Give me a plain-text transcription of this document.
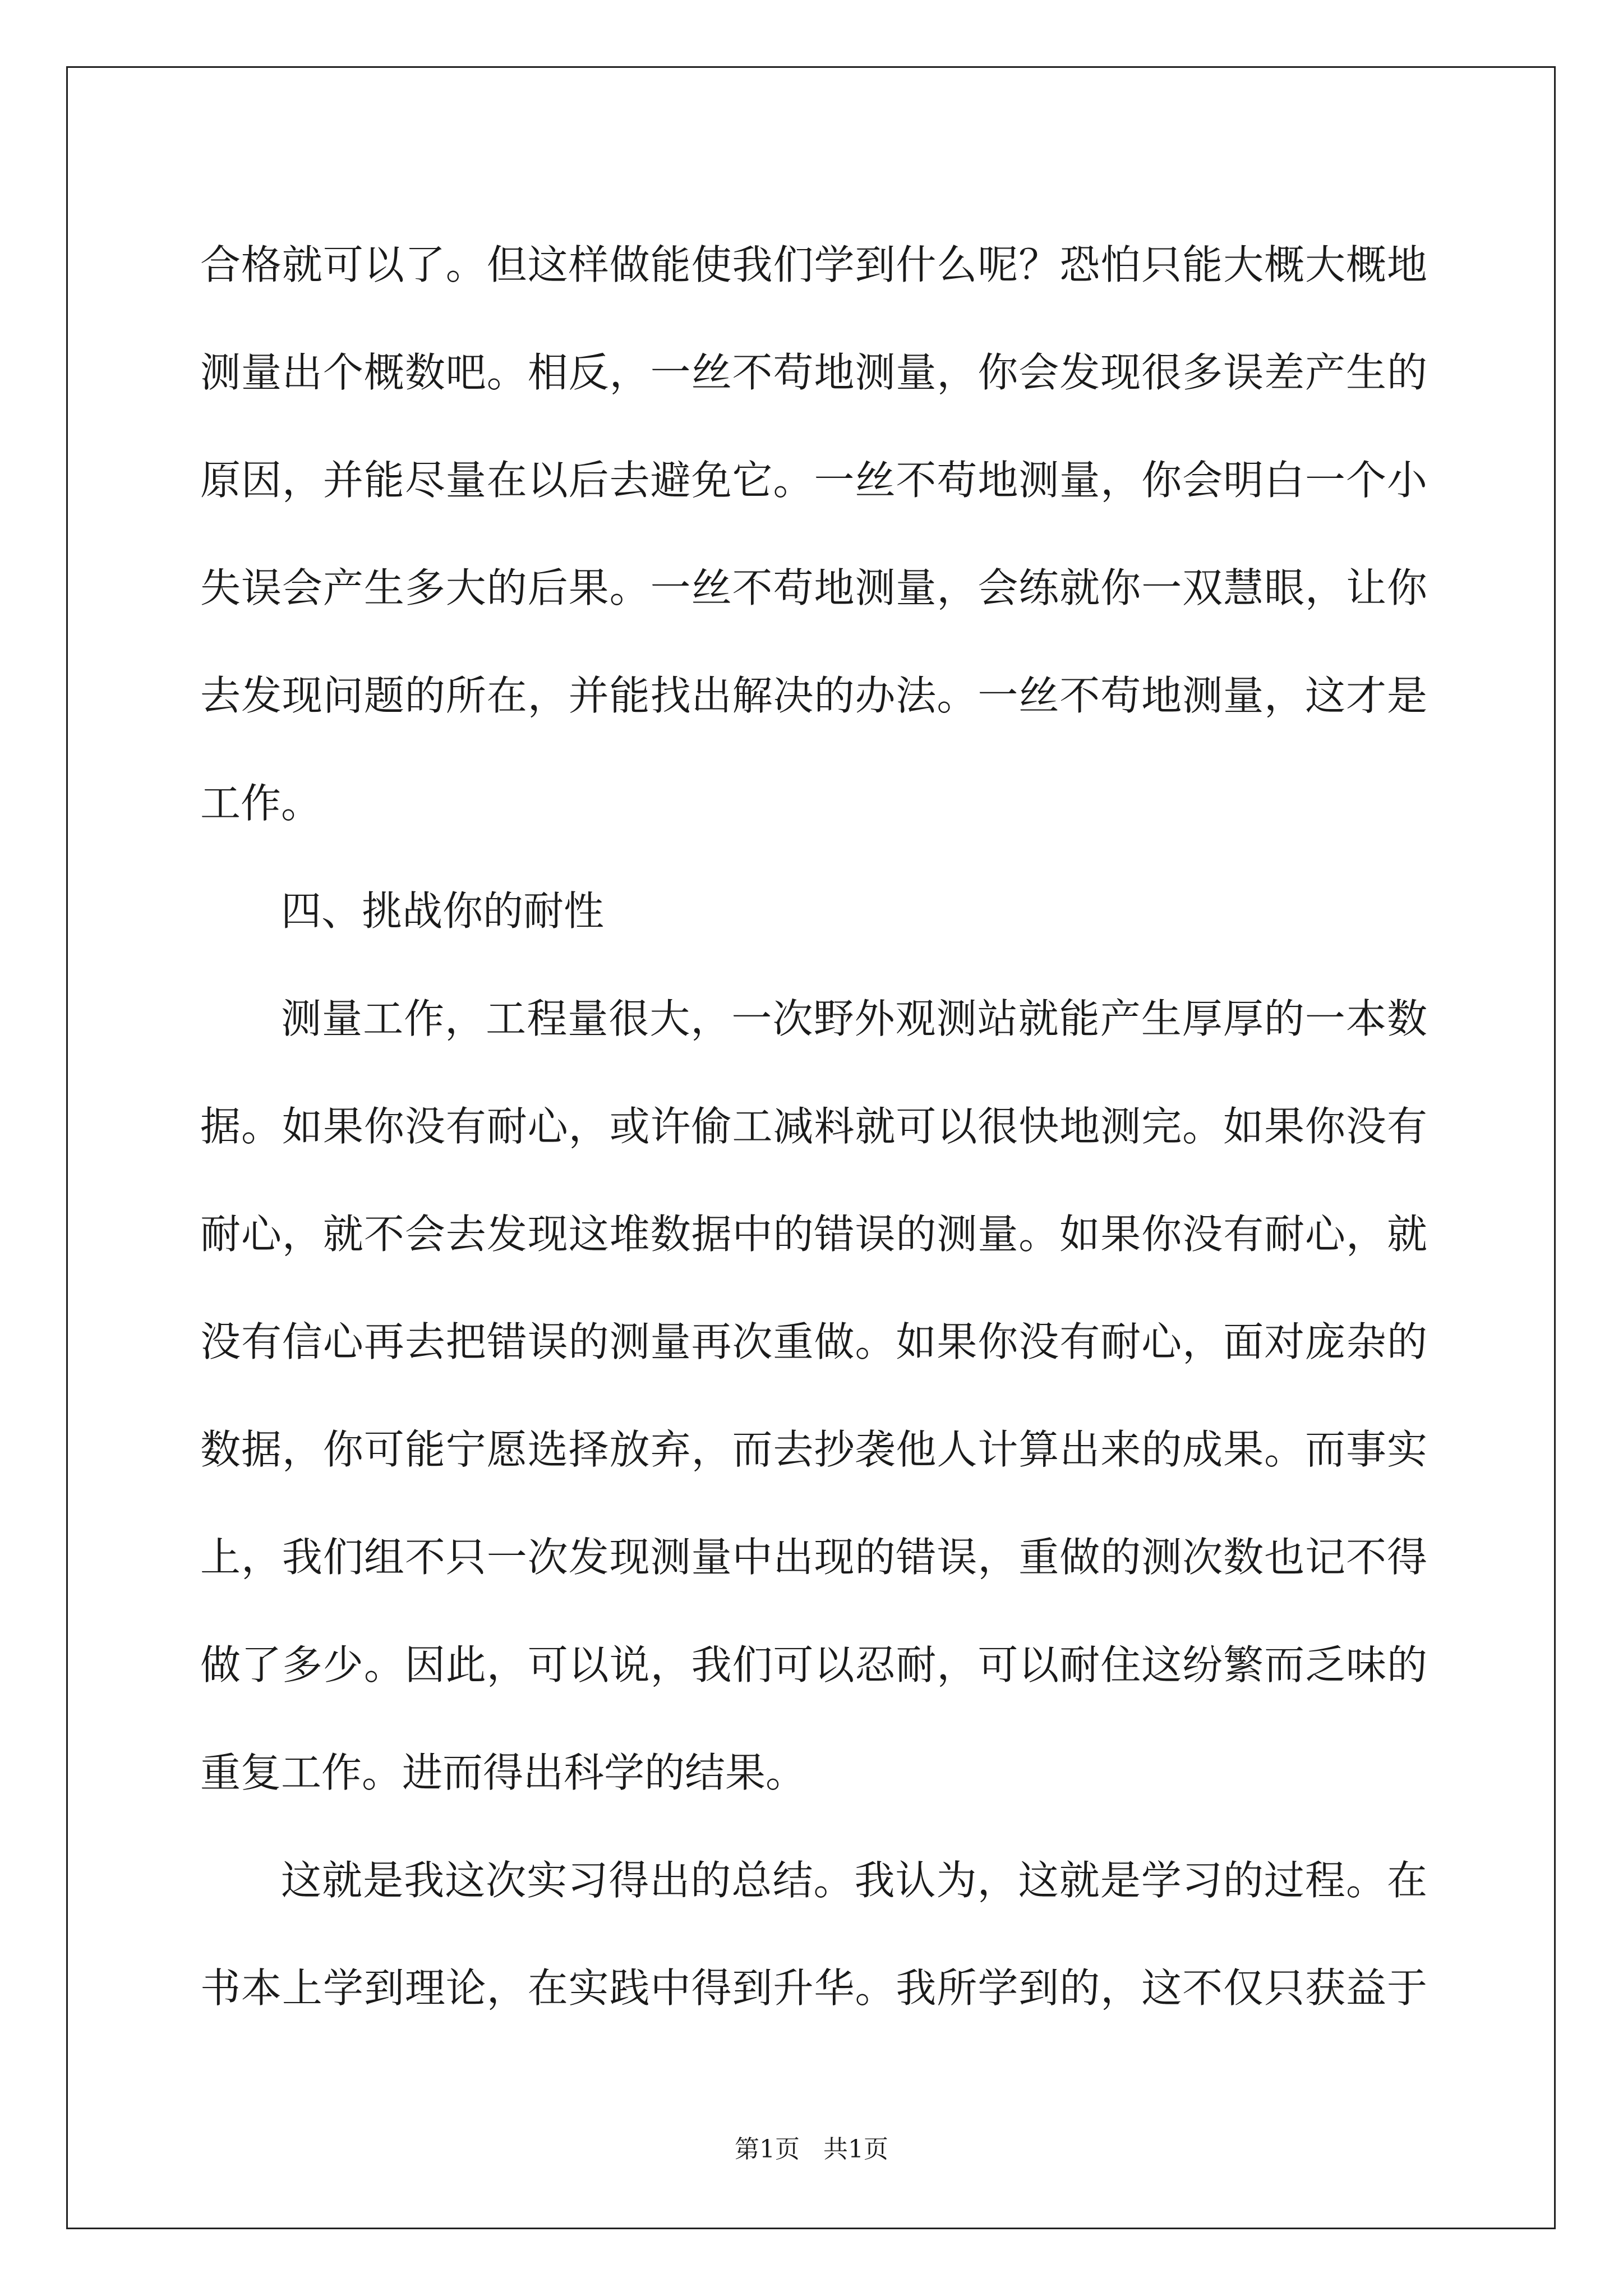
合格就可以了。但这样做能使我们学到什么呢？恐怕只能大概大概地
测量出个概数吧。相反，一丝不苟地测量，你会发现很多误差产生的
原因，并能尽量在以后去避免它。一丝不苟地测量，你会明白一个小
失误会产生多大的后果。一丝不苟地测量，会练就你一双慧眼，让你
去发现问题的所在，并能找出解决的办法。一丝不苟地测量，这才是
工作。
四、挑战你的耐性
测量工作，工程量很大，一次野外观测站就能产生厚厚的一本数
据。如果你没有耐心，或许偷工减料就可以很快地测完。如果你没有
耐心，就不会去发现这堆数据中的错误的测量。如果你没有耐心，就
没有信心再去把错误的测量再次重做。如果你没有耐心，面对庞杂的
数据，你可能宁愿选择放弃，而去抄袭他人计算出来的成果。而事实
上，我们组不只一次发现测量中出现的错误，重做的测次数也记不得
做了多少。因此，可以说，我们可以忍耐，可以耐住这纷繁而乏味的
重复工作。进而得出科学的结果。
这就是我这次实习得出的总结。我认为，这就是学习的过程。在
书本上学到理论，在实践中得到升华。我所学到的，这不仅只获益于
第1页 共1页
